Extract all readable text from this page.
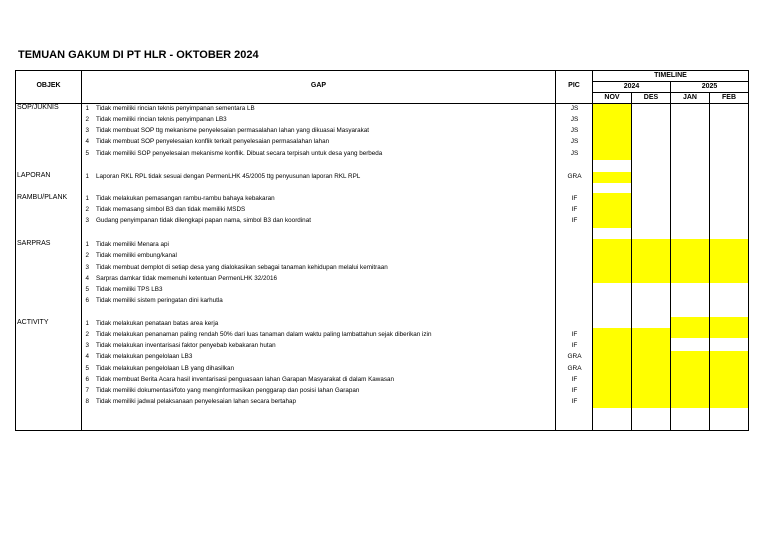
TEMUAN GAKUM DI PT HLR - OKTOBER 2024
OBJEK	GAP	PIC
TIMELINE
2024	2025
NOV	DES	JAN	FEB
SOP/JUKNIS	1 Tidak memiliki rincian teknis penyimpanan sementara LB	JS
2 Tidak memiliki rincian teknis penyimpanan LB3	JS
3 Tidak membuat SOP ttg mekanisme penyelesaian permasalahan lahan yang dikuasai Masyarakat	JS
4 Tidak membuat SOP penyelesaian konflik terkait penyelesaian permasalahan lahan	JS
5 Tidak memiliki SOP penyelesaian mekanisme konflik. Dibuat secara terpisah untuk desa yang berbeda	JS
LAPORAN	1 Laporan RKL RPL tidak sesuai dengan PermenLHK 45/2005 ttg penyusunan laporan RKL RPL	GRA
RAMBU/PLANK	1 Tidak melakukan pemasangan rambu-rambu bahaya kebakaran	IF
2 Tidak memasang simbol B3 dan tidak memiliki MSDS	IF
3 Gudang penyimpanan tidak dilengkapi papan nama, simbol B3 dan koordinat	IF
SARPRAS	1 Tidak memiliki Menara api
2 Tidak memiliki embung/kanal
3 Tidak membuat demplot di setiap desa yang dialokasikan sebagai tanaman kehidupan melalui kemitraan
4 Sarpras damkar tidak memenuhi ketentuan PermenLHK 32/2016
5 Tidak memiliki TPS LB3
6 Tidak memiliki sistem peringatan dini karhutla
ACTIVITY	1 Tidak melakukan penataan batas area kerja
2 Tidak melakukan penanaman paling rendah 50% dari luas tanaman dalam waktu paling lambattahun sejak diberikan izin	IF
3 Tidak melakukan inventarisasi faktor penyebab kebakaran hutan	IF
4 Tidak melakukan pengelolaan LB3	GRA
5 Tidak melakukan pengelolaan LB yang dihasilkan	GRA
6 Tidak membuat Berita Acara hasil inventarisasi penguasaan lahan Garapan Masyarakat di dalam Kawasan	IF
7 Tidak memiliki dokumentasi/foto yang menginformasikan penggarap dan posisi lahan Garapan	IF
8 Tidak memiliki jadwal pelaksanaan penyelesaian lahan secara bertahap	IF
